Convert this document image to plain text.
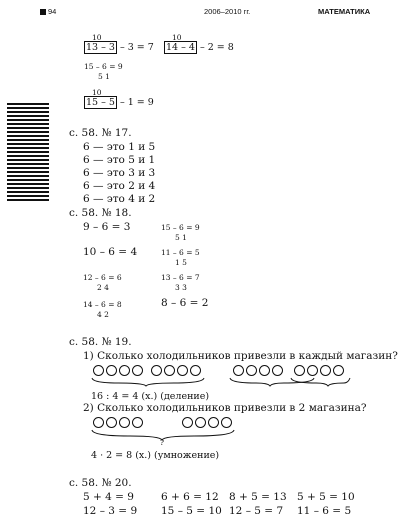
94	2006–2010 гг.	МАТЕМАТИКА
10
13 – 3 – 3 = 7
10
14 – 4 – 2 = 8
15 – 6 = 9
5 1
10
15 – 5 – 1 = 9
с. 58. № 17.
6 — это 1 и 5
6 — это 5 и 1
6 — это 3 и 3
6 — это 2 и 4
6 — это 4 и 2
с. 58. № 18.
9 – 6 = 3
10 – 6 = 4
12 – 6 = 6
2 4
14 – 6 = 8
4 2
15 – 6 = 9
5 1
11 – 6 = 5
1 5
13 – 6 = 7
3 3
8 – 6 = 2
с. 58. № 19.
1) Сколько холодильников привезли в каждый магазин?
16 : 4 = 4 (х.) (деление)
2) Сколько холодильников привезли в 2 магазина?
?
4 · 2 = 8 (х.) (умножение)
с. 58. № 20.
5 + 4 = 9	6 + 6 = 12 8 + 5 = 13 5 + 5 = 10
12 – 3 = 9 15 – 5 = 10 12 – 5 = 7 11 – 6 = 5
